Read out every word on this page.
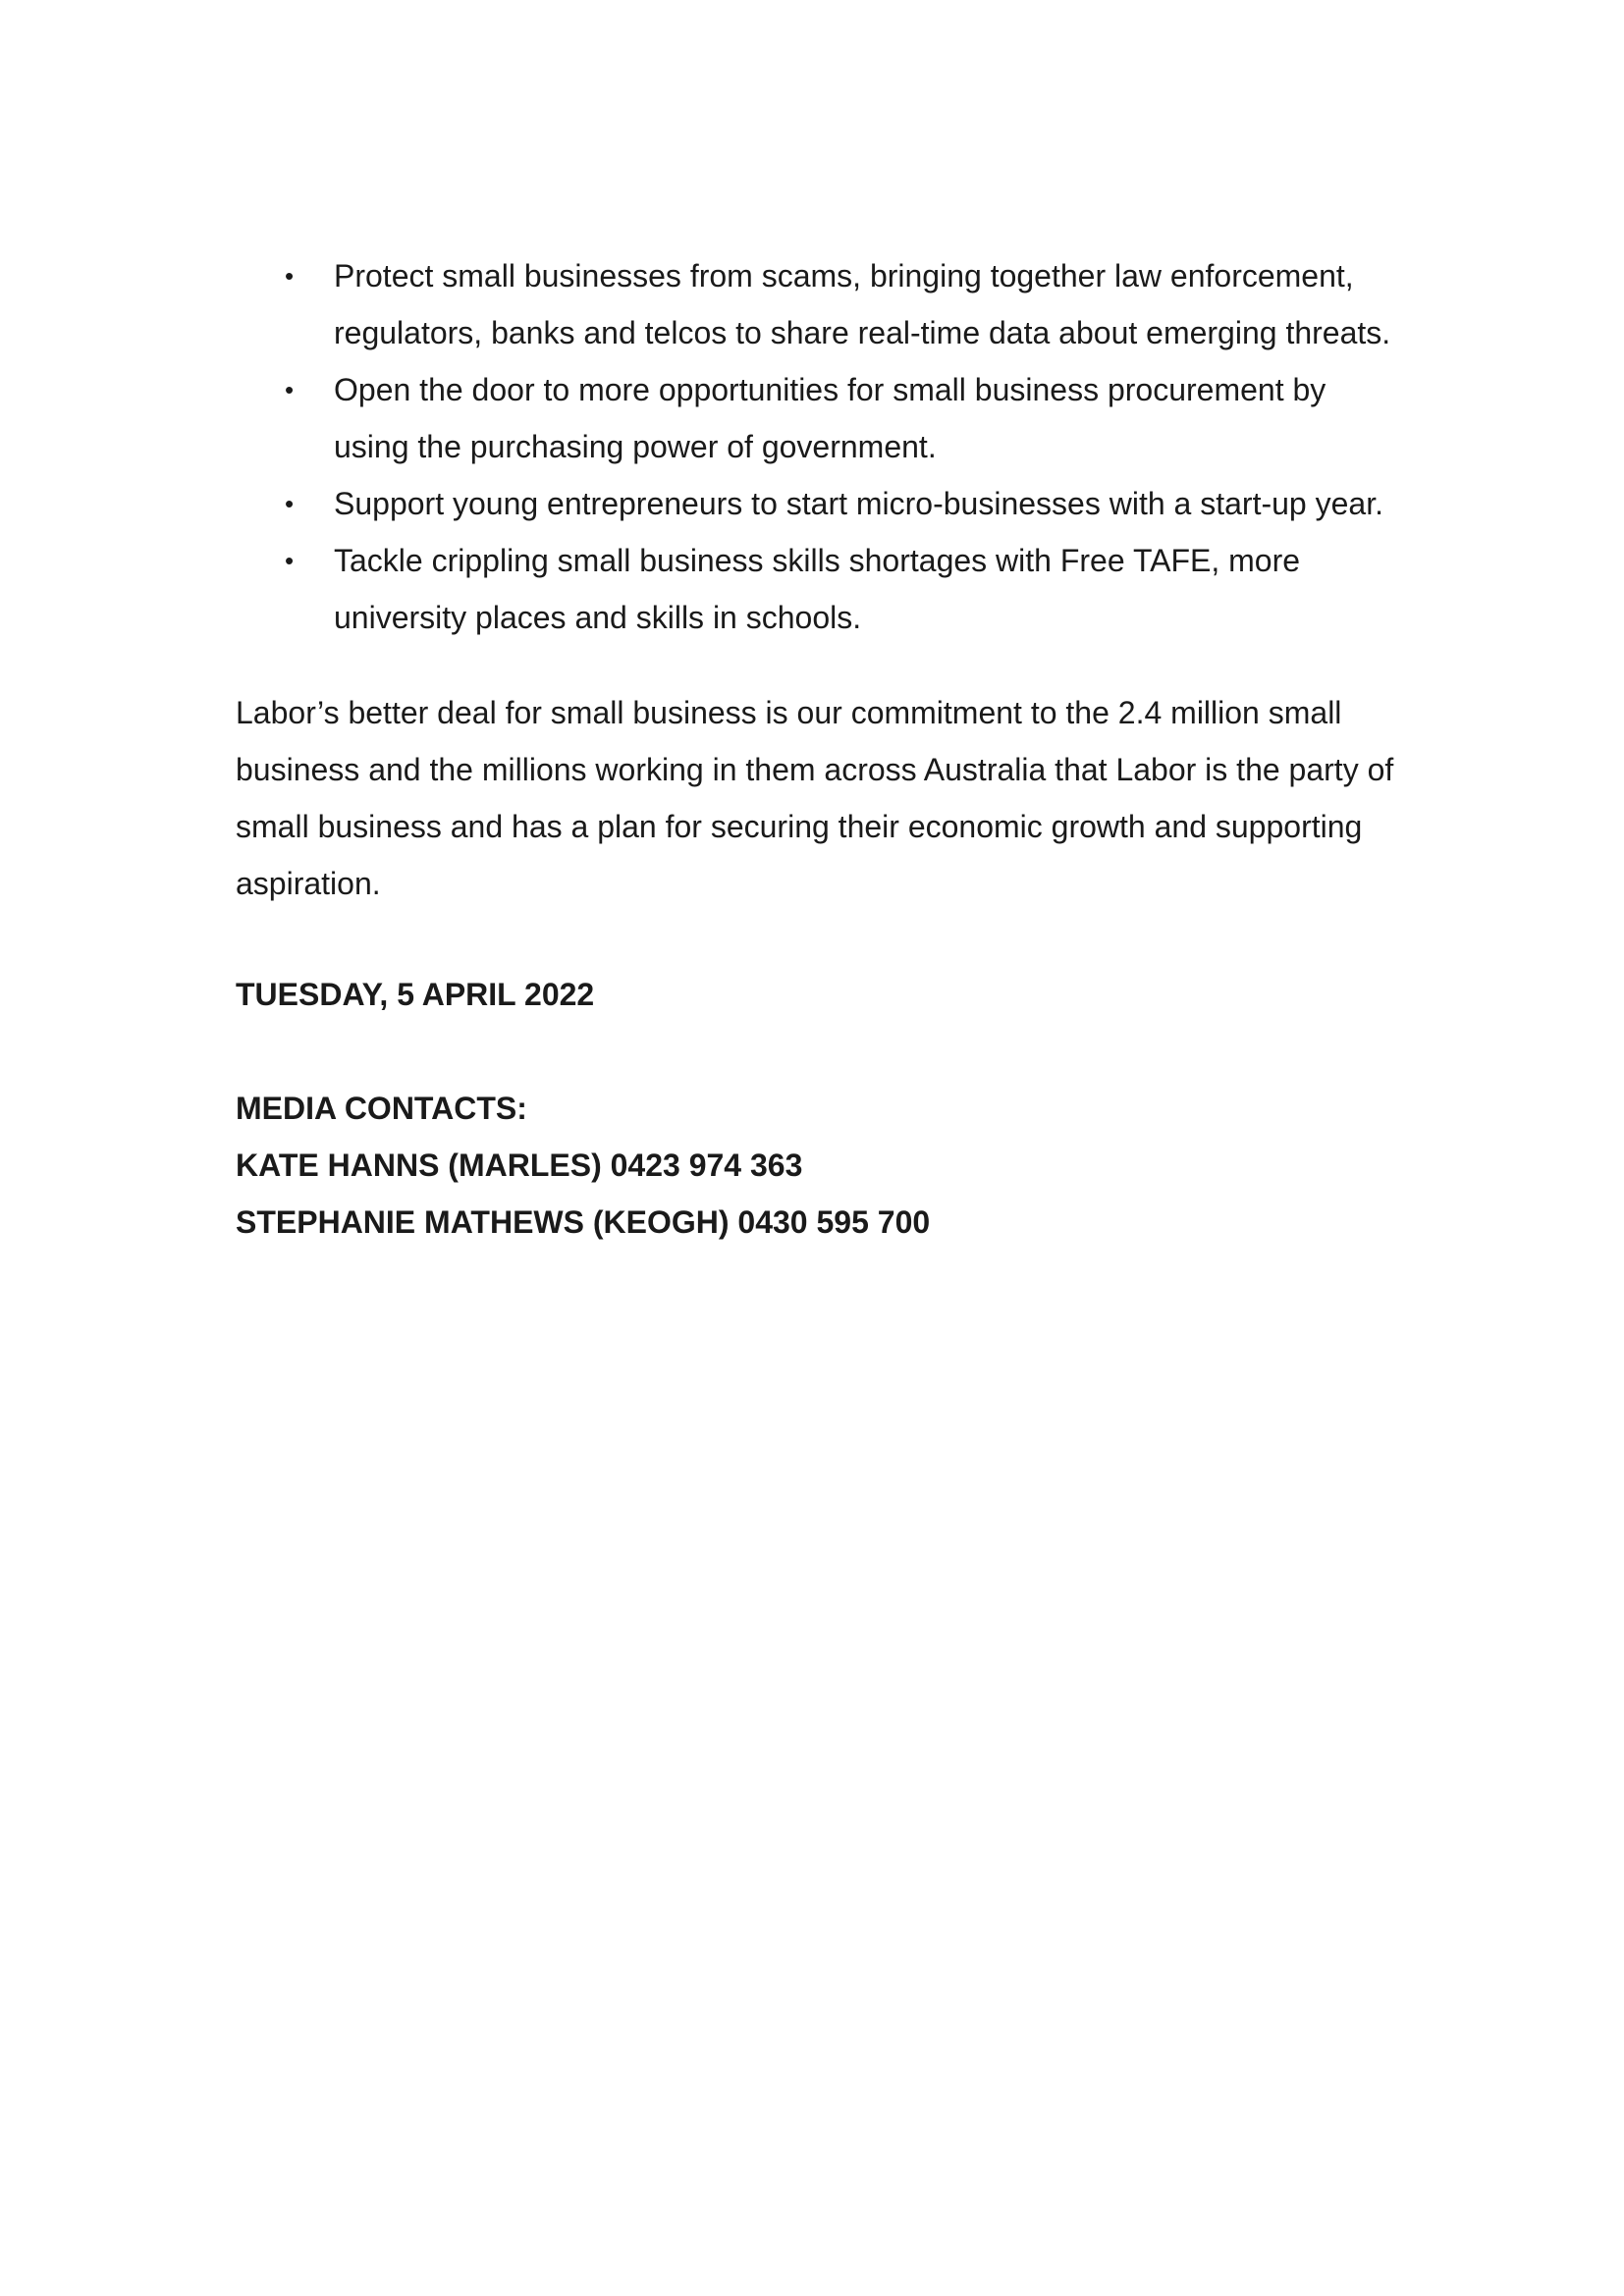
• Protect small businesses from scams, bringing together law enforcement, regulators, banks and telcos to share real-time data about emerging threats.
• Open the door to more opportunities for small business procurement by using the purchasing power of government.
• Support young entrepreneurs to start micro-businesses with a start-up year.
• Tackle crippling small business skills shortages with Free TAFE, more university places and skills in schools.

Labor’s better deal for small business is our commitment to the 2.4 million small business and the millions working in them across Australia that Labor is the party of small business and has a plan for securing their economic growth and supporting aspiration.

TUESDAY, 5 APRIL 2022

MEDIA CONTACTS:

KATE HANNS (MARLES) 0423 974 363

STEPHANIE MATHEWS (KEOGH) 0430 595 700
